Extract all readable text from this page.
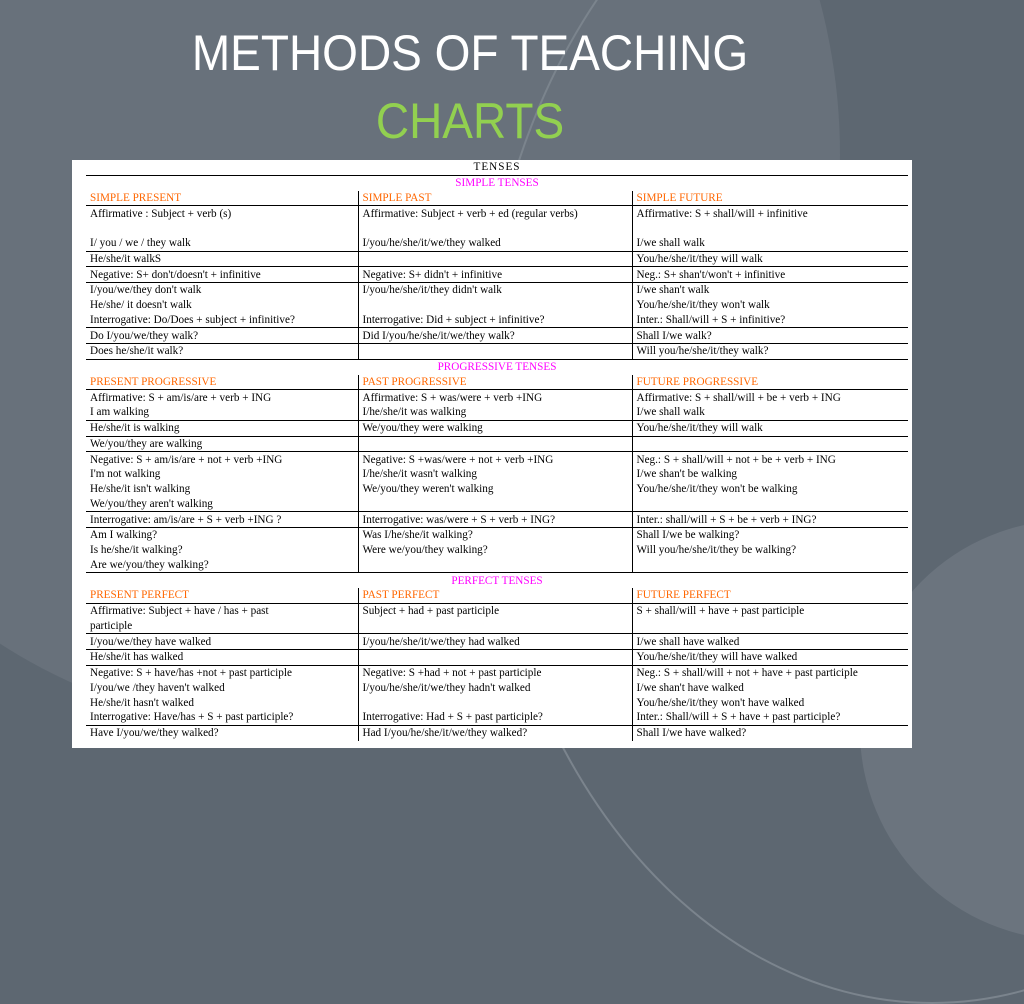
METHODS OF TEACHING
CHARTS
TENSES		
SIMPLE TENSES		
SIMPLE PRESENT	SIMPLE PAST	SIMPLE FUTURE
Affirmative : Subject + verb (s)	Affirmative: Subject + verb + ed (regular verbs)	Affirmative: S + shall/will + infinitive

I/ you / we / they walk	I/you/he/she/it/we/they walked	I/we shall walk
He/she/it walkS		You/he/she/it/they will walk
Negative: S+ don't/doesn't + infinitive	Negative: S+ didn't + infinitive	Neg.: S+ shan't/won't + infinitive
I/you/we/they don't walk	I/you/he/she/it/they didn't walk	I/we shan't walk
He/she/ it doesn't walk		You/he/she/it/they won't walk
Interrogative: Do/Does + subject + infinitive?	Interrogative: Did + subject + infinitive?	Inter.: Shall/will + S + infinitive?
Do I/you/we/they walk?	Did I/you/he/she/it/we/they walk?	Shall I/we walk?
Does he/she/it walk?		Will you/he/she/it/they walk?
PROGRESSIVE TENSES		
PRESENT PROGRESSIVE	PAST PROGRESSIVE	FUTURE PROGRESSIVE
Affirmative: S + am/is/are + verb + ING	Affirmative: S + was/were + verb +ING	Affirmative: S + shall/will + be + verb + ING
I am walking	I/he/she/it was walking	I/we shall walk
He/she/it is walking	We/you/they were walking	You/he/she/it/they will walk
We/you/they are walking		
Negative: S + am/is/are + not + verb +ING	Negative: S +was/were + not + verb +ING	Neg.: S + shall/will + not + be + verb + ING
I'm not walking	I/he/she/it wasn't walking	I/we shan't be walking
He/she/it isn't walking	We/you/they weren't walking	You/he/she/it/they won't be walking
We/you/they aren't walking		
Interrogative: am/is/are + S + verb +ING ?	Interrogative: was/were + S + verb + ING?	Inter.: shall/will + S + be + verb + ING?
Am I walking?	Was I/he/she/it walking?	Shall I/we be walking?
Is he/she/it walking?	Were we/you/they walking?	Will you/he/she/it/they be walking?
Are we/you/they walking?		
PERFECT TENSES		
PRESENT PERFECT	PAST PERFECT	FUTURE PERFECT
Affirmative: Subject + have / has + past	Subject + had + past participle	S + shall/will + have + past participle
participle		
I/you/we/they have walked	I/you/he/she/it/we/they had walked	I/we shall have walked
He/she/it has walked		You/he/she/it/they will have walked
Negative: S + have/has +not + past participle	Negative: S +had + not + past participle	Neg.: S + shall/will + not + have + past participle
I/you/we /they haven't walked	I/you/he/she/it/we/they hadn't walked	I/we shan't have walked
He/she/it hasn't walked		You/he/she/it/they won't have walked
Interrogative: Have/has + S + past participle?	Interrogative: Had + S + past participle?	Inter.: Shall/will + S + have + past participle?
Have I/you/we/they walked?	Had I/you/he/she/it/we/they walked?	Shall I/we have walked?
